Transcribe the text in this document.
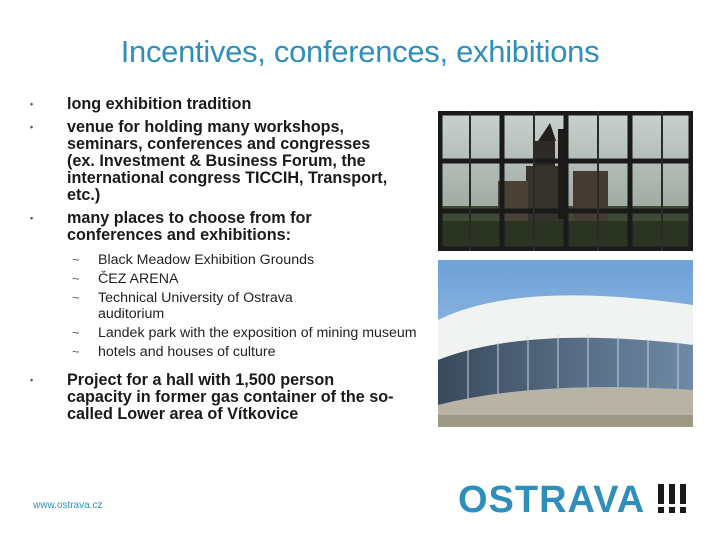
Incentives, conferences, exhibitions
•	long exhibition tradition
•	venue for holding many workshops, seminars, conferences and congresses (ex. Investment & Business Forum, the international congress TICCIH, Transport, etc.)
•	many places to choose from for conferences and exhibitions:
~	Black Meadow Exhibition Grounds
~	ČEZ ARENA
~	Technical University of Ostrava auditorium
~	Landek park with the exposition of mining museum
~	hotels and houses of culture
•	Project for a hall with 1,500 person capacity in former gas container of the so-called Lower area of Vítkovice
www.ostrava.cz	OSTRAVA
